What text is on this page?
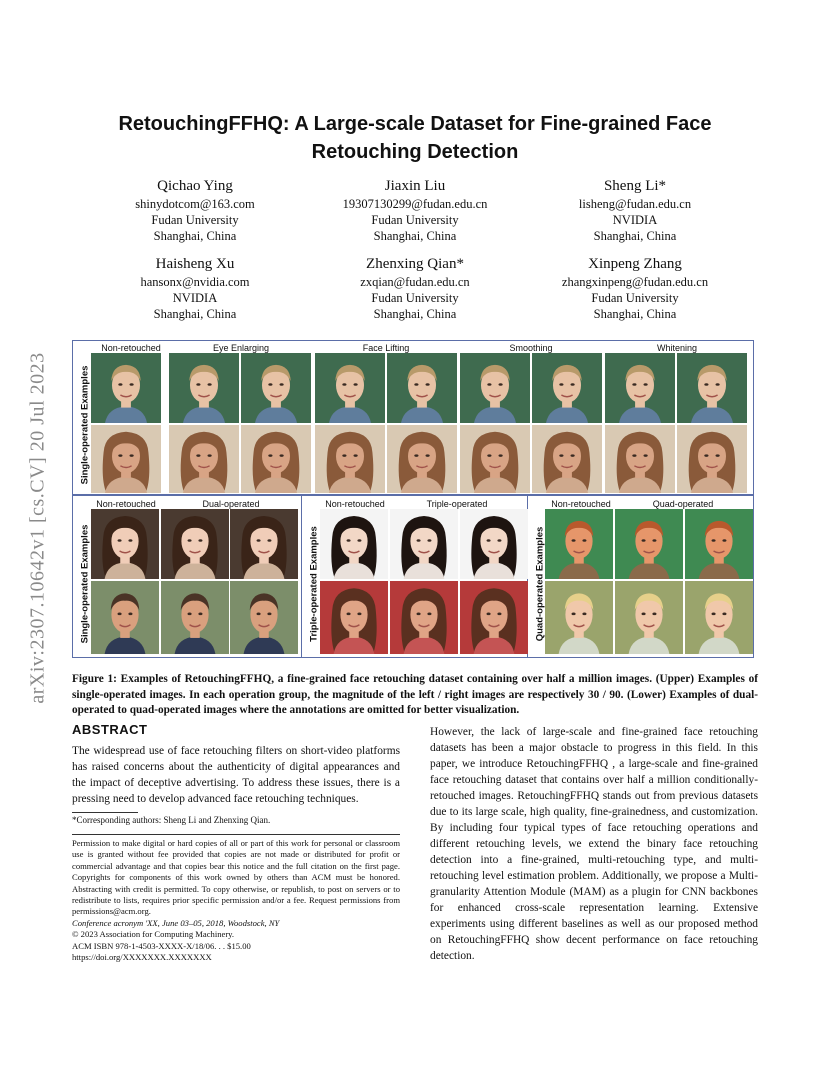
arXiv:2307.10642v1 [cs.CV] 20 Jul 2023
RetouchingFFHQ: A Large-scale Dataset for Fine-grained Face Retouching Detection
Qichao Ying
shinydotcom@163.com
Fudan University
Shanghai, China
Jiaxin Liu
19307130299@fudan.edu.cn
Fudan University
Shanghai, China
Sheng Li*
lisheng@fudan.edu.cn
NVIDIA
Shanghai, China
Haisheng Xu
hansonx@nvidia.com
NVIDIA
Shanghai, China
Zhenxing Qian*
zxqian@fudan.edu.cn
Fudan University
Shanghai, China
Xinpeng Zhang
zhangxinpeng@fudan.edu.cn
Fudan University
Shanghai, China
Single-operated Examples
Non-retouched	Eye Enlarging	Face Lifting	Smoothing	Whitening
Single-operated Examples
Non-retouched	Dual-operated
Triple-operated Examples
Non-retouched	Triple-operated
Quad-operated Examples
Non-retouched	Quad-operated
Figure 1: Examples of RetouchingFFHQ, a fine-grained face retouching dataset containing over half a million images. (Upper) Examples of single-operated images. In each operation group, the magnitude of the left / right images are respectively 30 / 90. (Lower) Examples of dual-operated to quad-operated images where the annotations are omitted for better visualization.
ABSTRACT

The widespread use of face retouching filters on short-video platforms has raised concerns about the authenticity of digital appearances and the impact of deceptive advertising. To address these issues, there is a pressing need to develop advanced face retouching techniques.

*Corresponding authors: Sheng Li and Zhenxing Qian.

Permission to make digital or hard copies of all or part of this work for personal or classroom use is granted without fee provided that copies are not made or distributed for profit or commercial advantage and that copies bear this notice and the full citation on the first page. Copyrights for components of this work owned by others than ACM must be honored. Abstracting with credit is permitted. To copy otherwise, or republish, to post on servers or to redistribute to lists, requires prior specific permission and/or a fee. Request permissions from permissions@acm.org.

Conference acronym 'XX, June 03–05, 2018, Woodstock, NY

© 2023 Association for Computing Machinery.

ACM ISBN 978-1-4503-XXXX-X/18/06. . . $15.00

https://doi.org/XXXXXXX.XXXXXXX

However, the lack of large-scale and fine-grained face retouching datasets has been a major obstacle to progress in this field. In this paper, we introduce RetouchingFFHQ , a large-scale and fine-grained face retouching dataset that contains over half a million conditionally-retouched images. RetouchingFFHQ stands out from previous datasets due to its large scale, high quality, fine-grainedness, and customization. By including four typical types of face retouching operations and different retouching levels, we extend the binary face retouching detection into a fine-grained, multi-retouching type, and multi-retouching level estimation problem. Additionally, we propose a Multi-granularity Attention Module (MAM) as a plugin for CNN backbones for enhanced cross-scale representation learning. Extensive experiments using different baselines as well as our proposed method on RetouchingFFHQ show decent performance on face retouching detection.
